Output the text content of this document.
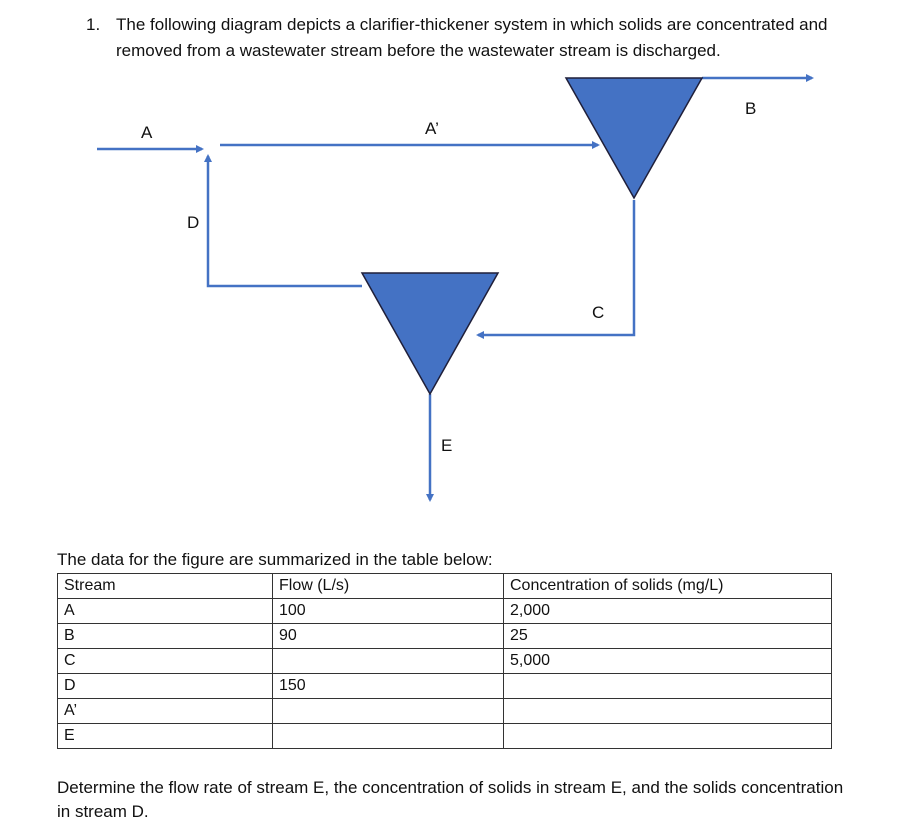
1. The following diagram depicts a clarifier-thickener system in which solids are concentrated and removed from a wastewater stream before the wastewater stream is discharged.
A	A’
B
C
D
E
The data for the figure are summarized in the table below:
Stream	Flow (L/s)	Concentration of solids (mg/L)
A	100	2,000
B	90	25
C		5,000
D	150	
A’		
E		
Determine the flow rate of stream E, the concentration of solids in stream E, and the solids concentration in stream D.
